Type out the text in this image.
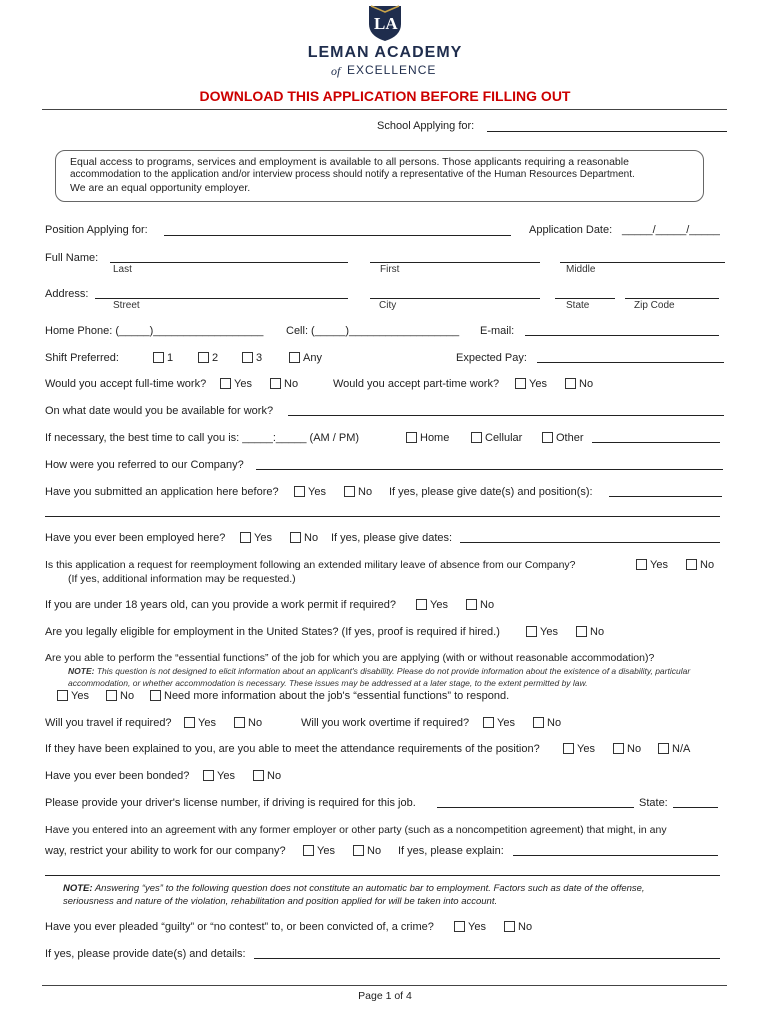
LA
LEMAN ACADEMY
of EXCELLENCE
DOWNLOAD THIS APPLICATION BEFORE FILLING OUT
School Applying for:
Equal access to programs, services and employment is available to all persons. Those applicants requiring a reasonable
accommodation to the application and/or interview process should notify a representative of the Human Resources Department.
We are an equal opportunity employer.
Position Applying for:	Application Date: _____/_____/_____
Full Name:
Last	First	Middle
Address:
Street	City	State	Zip Code
Home Phone: (_____)__________________ Cell: (_____)__________________ E-mail:
Shift Preferred:	1	2	3	Any	Expected Pay:
Would you accept full-time work?	Yes	No	Would you accept part-time work?	Yes	No
On what date would you be available for work?
If necessary, the best time to call you is: _____:_____ (AM / PM)	Home	Cellular	Other
How were you referred to our Company?
Have you submitted an application here before?	Yes	No If yes, please give date(s) and position(s):
Have you ever been employed here?	Yes	No If yes, please give dates:
Is this application a request for reemployment following an extended military leave of absence from our Company?
(If yes, additional information may be requested.)
Yes	No
If you are under 18 years old, can you provide a work permit if required?	Yes	No
Are you legally eligible for employment in the United States? (If yes, proof is required if hired.)	Yes	No
Are you able to perform the “essential functions” of the job for which you are applying (with or without reasonable accommodation)?
NOTE: This question is not designed to elicit information about an applicant's disability. Please do not provide information about the existence of a disability, particular
accommodation, or whether accommodation is necessary. These issues may be addressed at a later stage, to the extent permitted by law.
Yes	No	Need more information about the job's “essential functions” to respond.
Will you travel if required?	Yes	No	Will you work overtime if required?	Yes	No
If they have been explained to you, are you able to meet the attendance requirements of the position?	Yes	No	N/A
Have you ever been bonded?	Yes	No
Please provide your driver's license number, if driving is required for this job.	State:
Have you entered into an agreement with any former employer or other party (such as a noncompetition agreement) that might, in any
way, restrict your ability to work for our company?	Yes	No If yes, please explain:
NOTE: Answering “yes” to the following question does not constitute an automatic bar to employment. Factors such as date of the offense,
seriousness and nature of the violation, rehabilitation and position applied for will be taken into account.
Have you ever pleaded “guilty” or “no contest” to, or been convicted of, a crime?	Yes	No
If yes, please provide date(s) and details:
Page 1 of 4
